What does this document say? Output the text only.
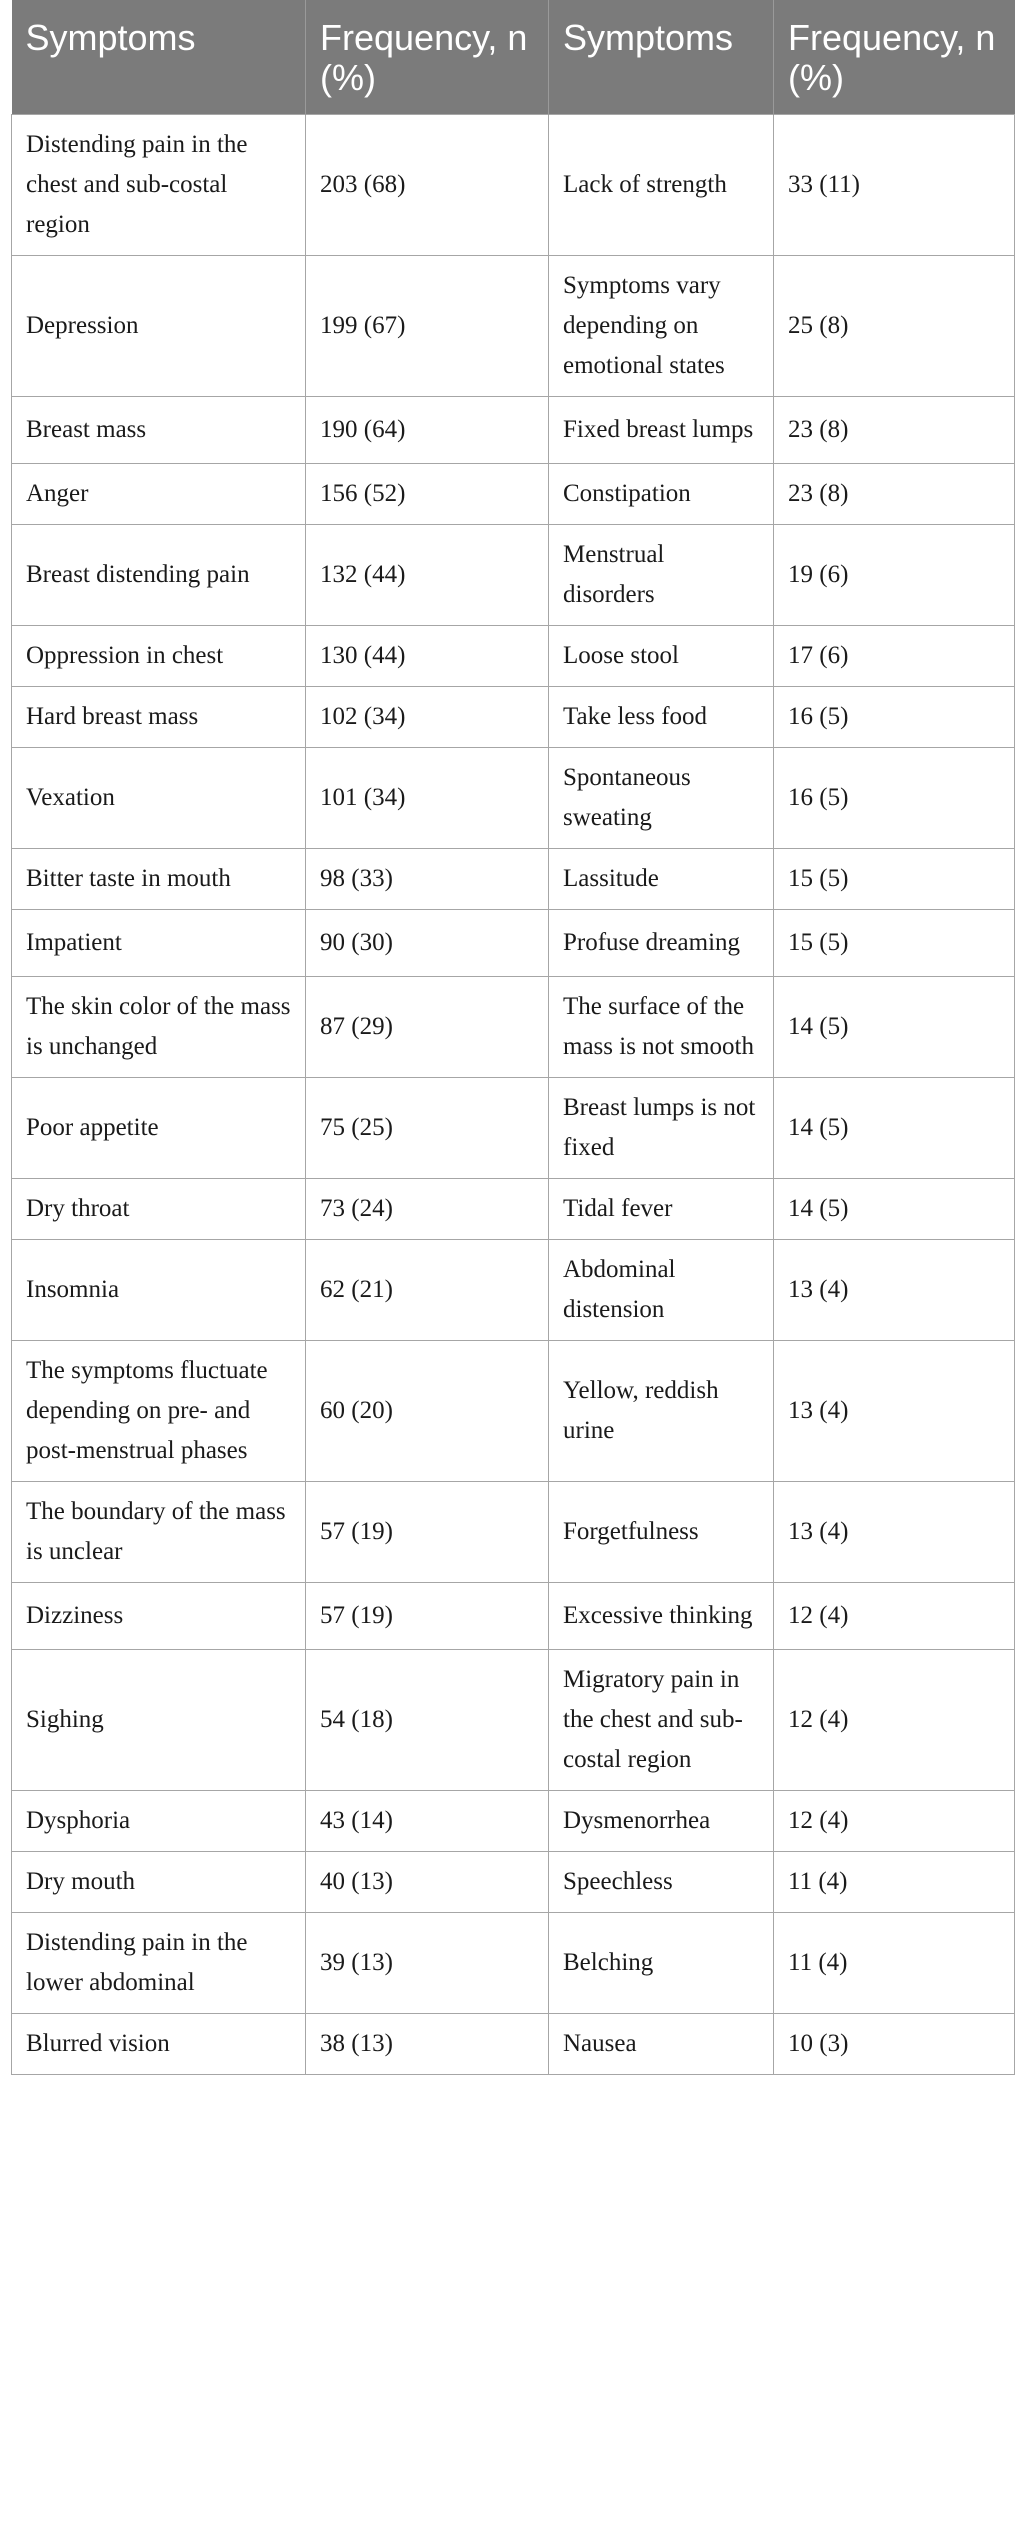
Symptoms	Frequency, n (%)	Symptoms	Frequency, n (%)
Distending pain in the chest and sub-costal region	203 (68)	Lack of strength	33 (11)
Depression	199 (67)	Symptoms vary depending on emotional states	25 (8)
Breast mass	190 (64)	Fixed breast lumps	23 (8)
Anger	156 (52)	Constipation	23 (8)
Breast distending pain	132 (44)	Menstrual disorders	19 (6)
Oppression in chest	130 (44)	Loose stool	17 (6)
Hard breast mass	102 (34)	Take less food	16 (5)
Vexation	101 (34)	Spontaneous sweating	16 (5)
Bitter taste in mouth	98 (33)	Lassitude	15 (5)
Impatient	90 (30)	Profuse dreaming	15 (5)
The skin color of the mass is unchanged	87 (29)	The surface of the mass is not smooth	14 (5)
Poor appetite	75 (25)	Breast lumps is not fixed	14 (5)
Dry throat	73 (24)	Tidal fever	14 (5)
Insomnia	62 (21)	Abdominal distension	13 (4)
The symptoms fluctuate depending on pre- and post-menstrual phases	60 (20)	Yellow, reddish urine	13 (4)
The boundary of the mass is unclear	57 (19)	Forgetfulness	13 (4)
Dizziness	57 (19)	Excessive thinking	12 (4)
Sighing	54 (18)	Migratory pain in the chest and sub-costal region	12 (4)
Dysphoria	43 (14)	Dysmenorrhea	12 (4)
Dry mouth	40 (13)	Speechless	11 (4)
Distending pain in the lower abdominal	39 (13)	Belching	11 (4)
Blurred vision	38 (13)	Nausea	10 (3)
